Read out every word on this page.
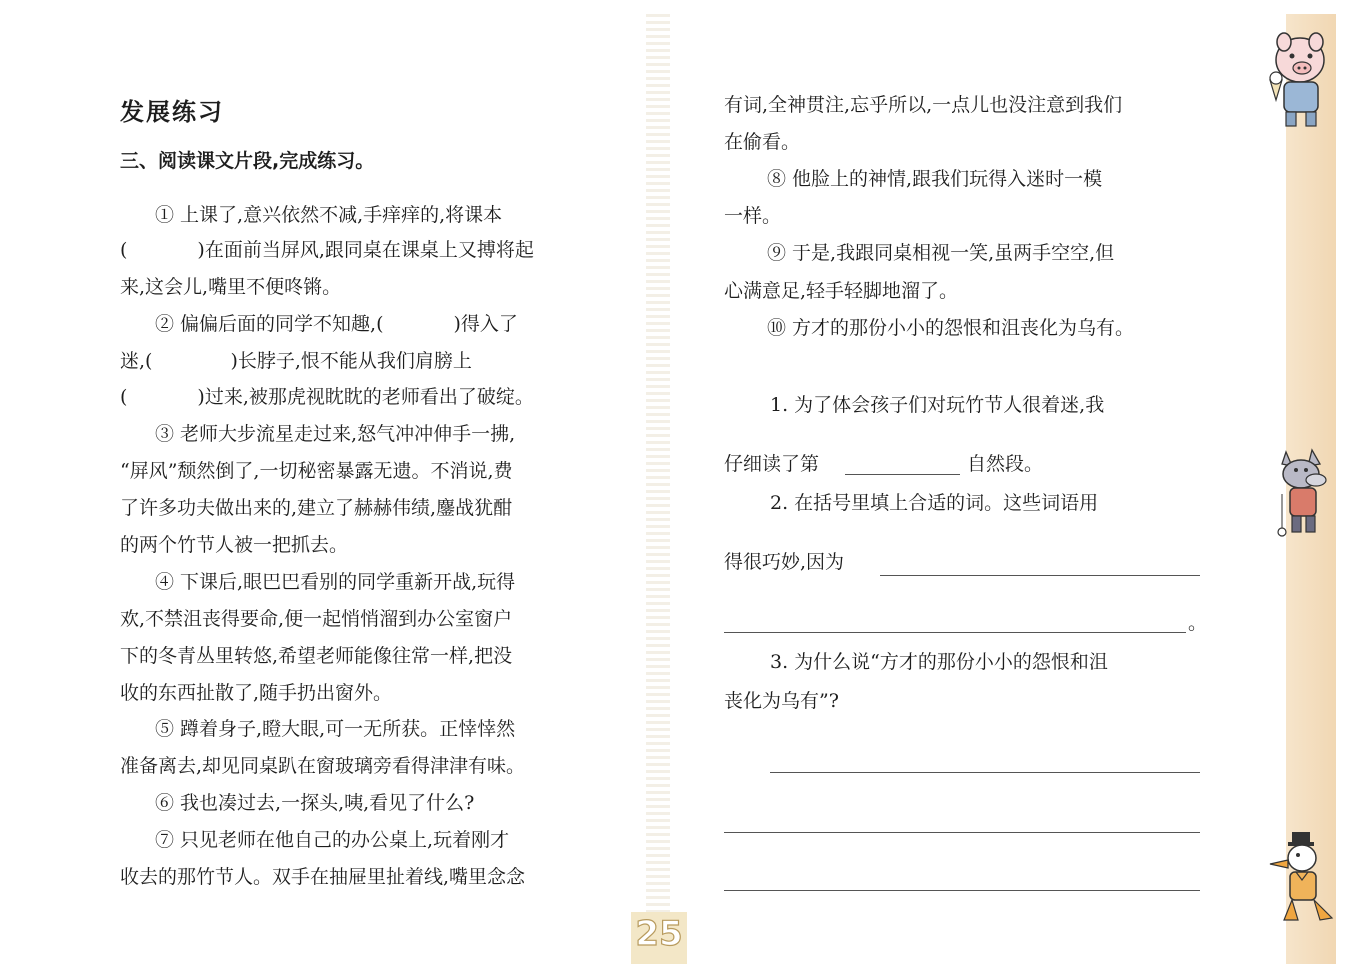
发展练习
三、阅读课文片段,完成练习。
① 上课了,意兴依然不减,手痒痒的,将课本
(	)在面前当屏风,跟同桌在课桌上又搏将起
来,这会儿,嘴里不便咚锵。
② 偏偏后面的同学不知趣,(	)得入了
迷,(	)长脖子,恨不能从我们肩膀上
(	)过来,被那虎视眈眈的老师看出了破绽。
③ 老师大步流星走过来,怒气冲冲伸手一拂,
“屏风”颓然倒了,一切秘密暴露无遗。不消说,费
了许多功夫做出来的,建立了赫赫伟绩,鏖战犹酣
的两个竹节人被一把抓去。
④ 下课后,眼巴巴看别的同学重新开战,玩得
欢,不禁沮丧得要命,便一起悄悄溜到办公室窗户
下的冬青丛里转悠,希望老师能像往常一样,把没
收的东西扯散了,随手扔出窗外。
⑤ 蹲着身子,瞪大眼,可一无所获。正悻悻然
准备离去,却见同桌趴在窗玻璃旁看得津津有味。
⑥ 我也凑过去,一探头,咦,看见了什么?
⑦ 只见老师在他自己的办公桌上,玩着刚才
收去的那竹节人。双手在抽屉里扯着线,嘴里念念
25
有词,全神贯注,忘乎所以,一点儿也没注意到我们
在偷看。
⑧ 他脸上的神情,跟我们玩得入迷时一模
一样。
⑨ 于是,我跟同桌相视一笑,虽两手空空,但
心满意足,轻手轻脚地溜了。
⑩ 方才的那份小小的怨恨和沮丧化为乌有。
1. 为了体会孩子们对玩竹节人很着迷,我
仔细读了第	自然段。
2. 在括号里填上合适的词。这些词语用
得很巧妙,因为
。
3. 为什么说“方才的那份小小的怨恨和沮
丧化为乌有”?
